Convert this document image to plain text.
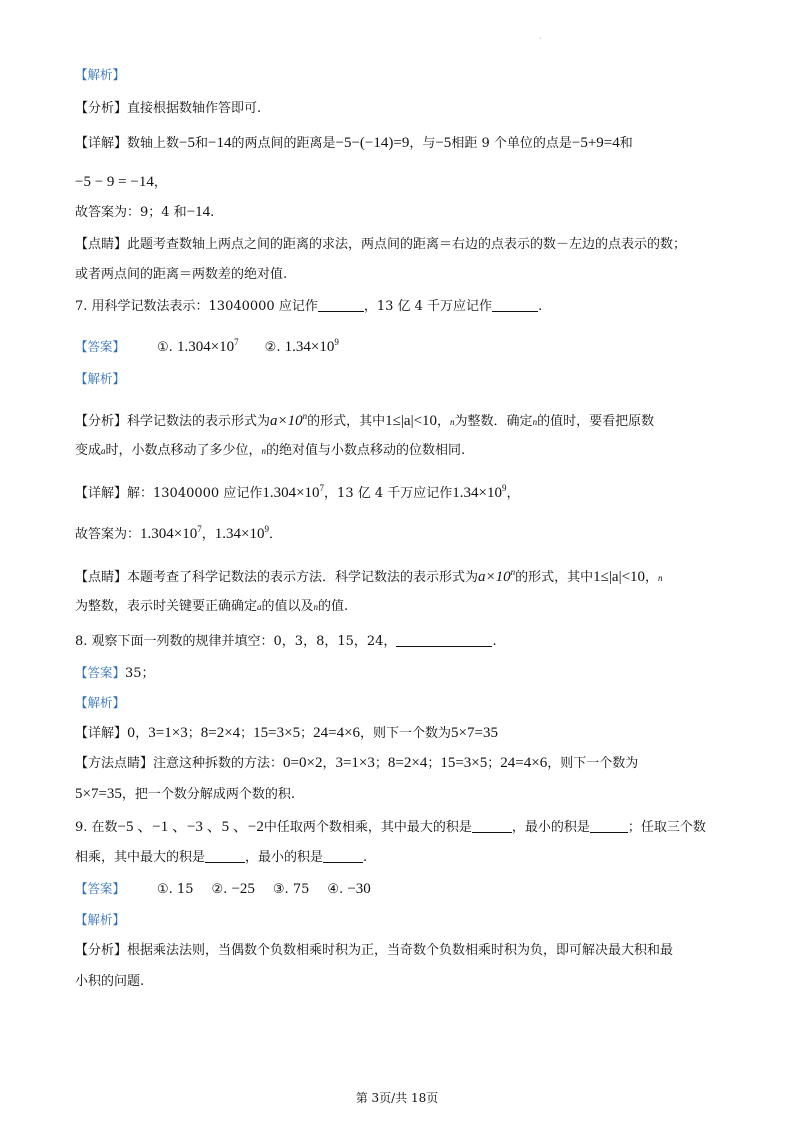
·
【解析】
【分析】直接根据数轴作答即可.
【详解】数轴上数−5和−14的两点间的距离是−5−(−14)=9，与−5相距 9 个单位的点是−5+9=4和
−5 − 9 = −14，
故答案为：9；4 和−14.
【点睛】此题考查数轴上两点之间的距离的求法，两点间的距离＝右边的点表示的数－左边的点表示的数；
或者两点间的距离＝两数差的绝对值.
7. 用科学记数法表示：13040000 应记作	，13 亿 4 千万应记作	.
【答案】 ①. $1.304\times 10^7$ ②. $1.34\times 10^9$
【解析】
【分析】科学记数法的表示形式为$a\times 10^n$的形式，其中1≤|a|<10，n为整数．确定n的值时，要看把原数
变成a时，小数点移动了多少位，n的绝对值与小数点移动的位数相同.
【详解】解：13040000 应记作$1.304\times 10^7$，13 亿 4 千万应记作$1.34\times 10^9$，
故答案为：$1.304\times 10^7$，$1.34\times 10^9$．
【点睛】本题考查了科学记数法的表示方法．科学记数法的表示形式为$a\times 10^n$的形式，其中1≤|a|<10，n
为整数，表示时关键要正确确定a的值以及n的值.
8. 观察下面一列数的规律并填空：0，3，8，15，24，	.
【答案】35；
【解析】
【详解】0，3=1×3；8=2×4；15=3×5；24=4×6，则下一个数为5×7=35
【方法点睛】注意这种拆数的方法：0=0×2，3=1×3；8=2×4；15=3×5；24=4×6，则下一个数为
5×7=35，把一个数分解成两个数的积.
9. 在数−5 、−1 、−3 、5 、−2中任取两个数相乘，其中最大的积是	，最小的积是	；任取三个数
相乘，其中最大的积是	，最小的积是	.
【答案】 ①. 15 ②. −25 ③. 75 ④. −30
【解析】
【分析】根据乘法法则，当偶数个负数相乘时积为正，当奇数个负数相乘时积为负，即可解决最大积和最
小积的问题.
第 3页/共 18页
